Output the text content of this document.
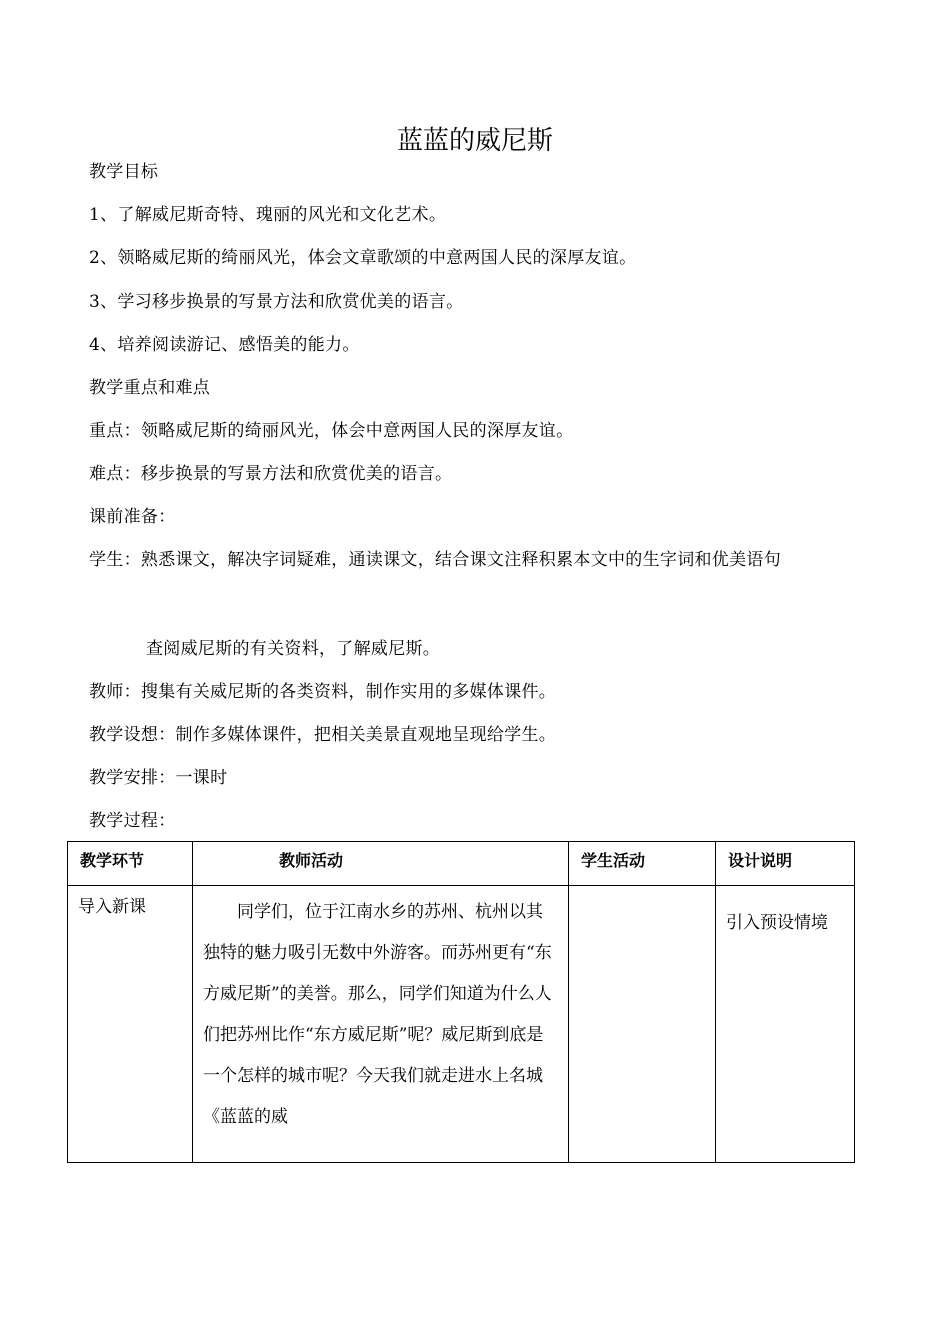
蓝蓝的威尼斯
教学目标
1、了解威尼斯奇特、瑰丽的风光和文化艺术。
2、领略威尼斯的绮丽风光，体会文章歌颂的中意两国人民的深厚友谊。
3、学习移步换景的写景方法和欣赏优美的语言。
4、培养阅读游记、感悟美的能力。
教学重点和难点
重点：领略威尼斯的绮丽风光，体会中意两国人民的深厚友谊。
难点：移步换景的写景方法和欣赏优美的语言。
课前准备：
学生：熟悉课文，解决字词疑难，通读课文，结合课文注释积累本文中的生字词和优美语句
查阅威尼斯的有关资料，了解威尼斯。
教师：搜集有关威尼斯的各类资料，制作实用的多媒体课件。
教学设想：制作多媒体课件，把相关美景直观地呈现给学生。
教学安排：一课时
教学过程：
教学环节	教师活动	学生活动	设计说明
导入新课	同学们，位于江南水乡的苏州、杭州以其独特的魅力吸引无数中外游客。而苏州更有“东方威尼斯”的美誉。那么，同学们知道为什么人们把苏州比作“东方威尼斯”呢？威尼斯到底是一个怎样的城市呢？今天我们就走进水上名城《蓝蓝的威		引入预设情境
